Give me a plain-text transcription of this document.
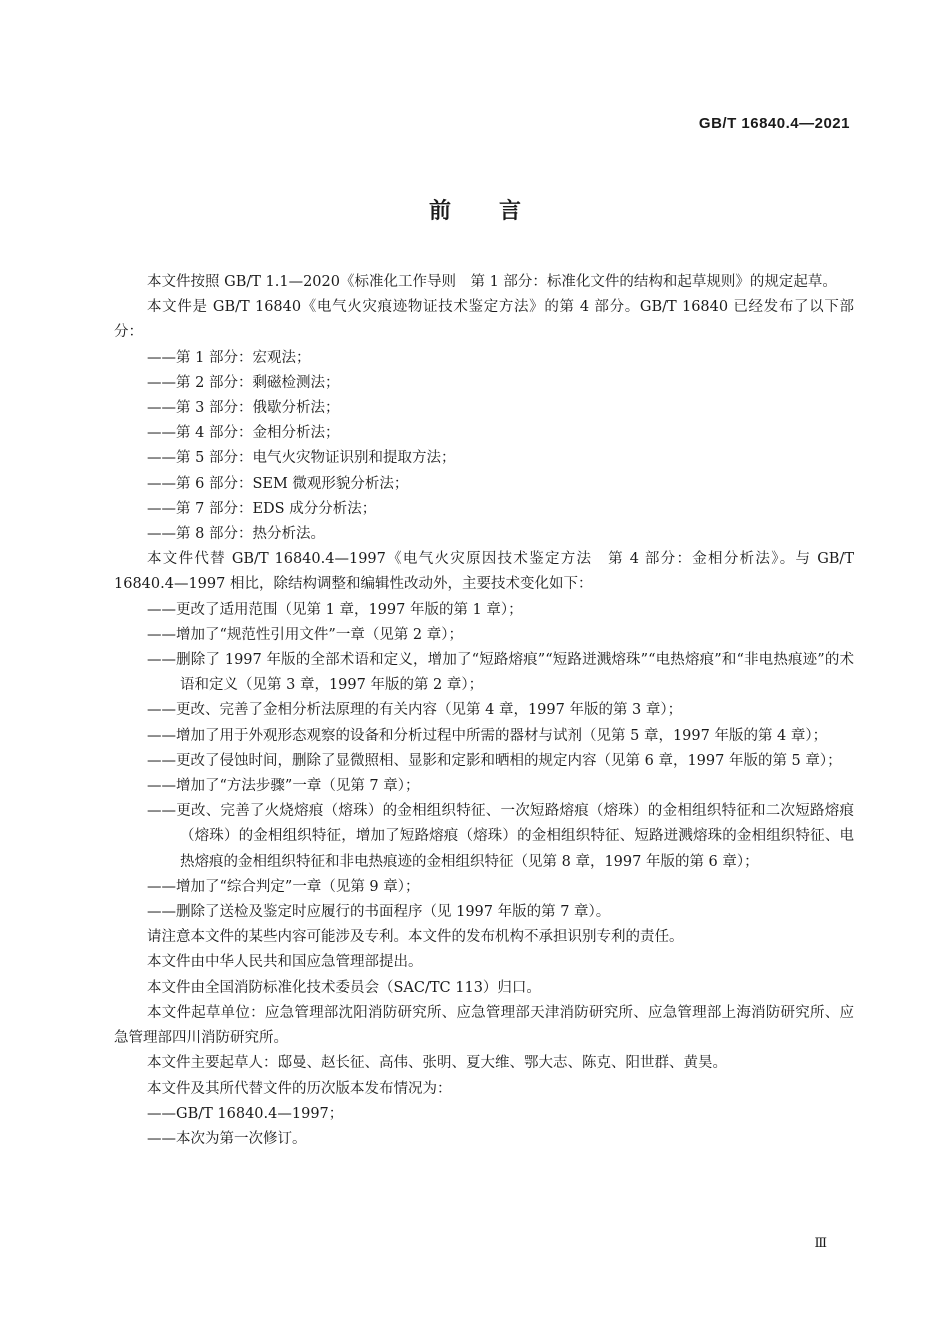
GB/T 16840.4—2021
前言

本文件按照 GB/T 1.1—2020《标准化工作导则　第 1 部分：标准化文件的结构和起草规则》的规定起草。

本文件是 GB/T 16840《电气火灾痕迹物证技术鉴定方法》的第 4 部分。GB/T 16840 已经发布了以下部分：

——第 1 部分：宏观法；

——第 2 部分：剩磁检测法；

——第 3 部分：俄歇分析法；

——第 4 部分：金相分析法；

——第 5 部分：电气火灾物证识别和提取方法；

——第 6 部分：SEM 微观形貌分析法；

——第 7 部分：EDS 成分分析法；

——第 8 部分：热分析法。

本文件代替 GB/T 16840.4—1997《电气火灾原因技术鉴定方法　第 4 部分：金相分析法》。与 GB/T 16840.4—1997 相比，除结构调整和编辑性改动外，主要技术变化如下：

——更改了适用范围（见第 1 章，1997 年版的第 1 章）；

——增加了“规范性引用文件”一章（见第 2 章）；

——删除了 1997 年版的全部术语和定义，增加了“短路熔痕”“短路迸溅熔珠”“电热熔痕”和“非电热痕迹”的术语和定义（见第 3 章，1997 年版的第 2 章）；

——更改、完善了金相分析法原理的有关内容（见第 4 章，1997 年版的第 3 章）；

——增加了用于外观形态观察的设备和分析过程中所需的器材与试剂（见第 5 章，1997 年版的第 4 章）；

——更改了侵蚀时间，删除了显微照相、显影和定影和晒相的规定内容（见第 6 章，1997 年版的第 5 章）；

——增加了“方法步骤”一章（见第 7 章）；

——更改、完善了火烧熔痕（熔珠）的金相组织特征、一次短路熔痕（熔珠）的金相组织特征和二次短路熔痕（熔珠）的金相组织特征，增加了短路熔痕（熔珠）的金相组织特征、短路迸溅熔珠的金相组织特征、电热熔痕的金相组织特征和非电热痕迹的金相组织特征（见第 8 章，1997 年版的第 6 章）；

——增加了“综合判定”一章（见第 9 章）；

——删除了送检及鉴定时应履行的书面程序（见 1997 年版的第 7 章）。

请注意本文件的某些内容可能涉及专利。本文件的发布机构不承担识别专利的责任。

本文件由中华人民共和国应急管理部提出。

本文件由全国消防标准化技术委员会（SAC/TC 113）归口。

本文件起草单位：应急管理部沈阳消防研究所、应急管理部天津消防研究所、应急管理部上海消防研究所、应急管理部四川消防研究所。

本文件主要起草人：邸曼、赵长征、高伟、张明、夏大维、鄂大志、陈克、阳世群、黄昊。

本文件及其所代替文件的历次版本发布情况为：

——GB/T 16840.4—1997；

——本次为第一次修订。

Ⅲ
